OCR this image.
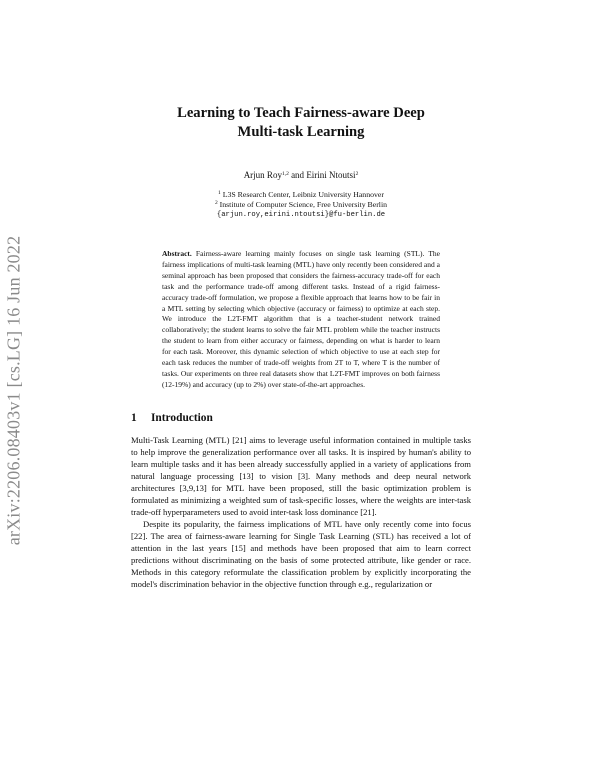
arXiv:2206.08403v1 [cs.LG] 16 Jun 2022
Learning to Teach Fairness-aware Deep
Multi-task Learning
Arjun Roy$^{1,2}$ and Eirini Ntoutsi$^2$
$^1$ L3S Research Center, Leibniz University Hannover
$^2$ Institute of Computer Science, Free University Berlin
{arjun.roy,eirini.ntoutsi}@fu-berlin.de
Abstract. Fairness-aware learning mainly focuses on single task learning (STL). The fairness implications of multi-task learning (MTL) have only recently been considered and a seminal approach has been proposed that considers the fairness-accuracy trade-off for each task and the performance trade-off among different tasks. Instead of a rigid fairness-accuracy trade-off formulation, we propose a flexible approach that learns how to be fair in a MTL setting by selecting which objective (accuracy or fairness) to optimize at each step. We introduce the L2T-FMT algorithm that is a teacher-student network trained collaboratively; the student learns to solve the fair MTL problem while the teacher instructs the student to learn from either accuracy or fairness, depending on what is harder to learn for each task. Moreover, this dynamic selection of which objective to use at each step for each task reduces the number of trade-off weights from 2T to T, where T is the number of tasks. Our experiments on three real datasets show that L2T-FMT improves on both fairness (12-19%) and accuracy (up to 2%) over state-of-the-art approaches.
1 Introduction

Multi-Task Learning (MTL) [21] aims to leverage useful information contained in multiple tasks to help improve the generalization performance over all tasks. It is inspired by human's ability to learn multiple tasks and it has been already successfully applied in a variety of applications from natural language processing [13] to vision [3]. Many methods and deep neural network architectures [3,9,13] for MTL have been proposed, still the basic optimization problem is formulated as minimizing a weighted sum of task-specific losses, where the weights are inter-task trade-off hyperparameters used to avoid inter-task loss dominance [21].

Despite its popularity, the fairness implications of MTL have only recently come into focus [22]. The area of fairness-aware learning for Single Task Learning (STL) has received a lot of attention in the last years [15] and methods have been proposed that aim to learn correct predictions without discriminating on the basis of some protected attribute, like gender or race. Methods in this category reformulate the classification problem by explicitly incorporating the model's discrimination behavior in the objective function through e.g., regularization or
